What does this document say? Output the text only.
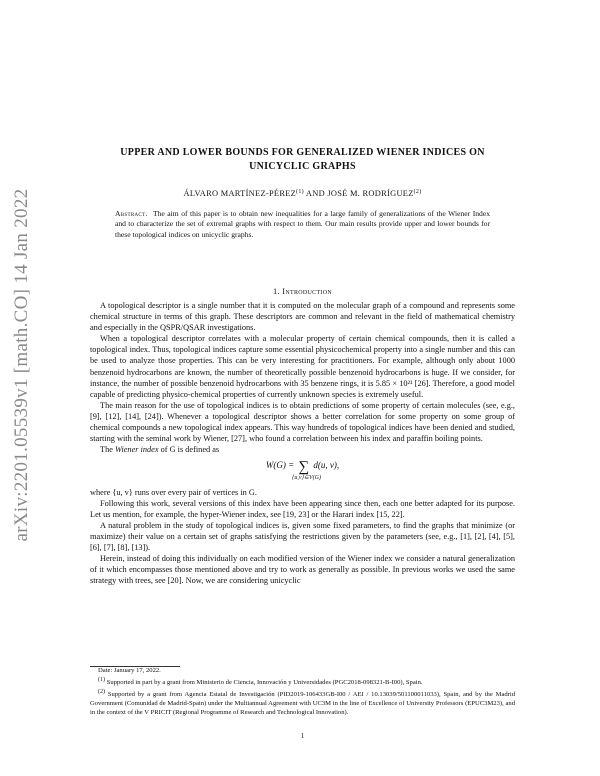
arXiv:2201.05539v1 [math.CO] 14 Jan 2022
UPPER AND LOWER BOUNDS FOR GENERALIZED WIENER INDICES ON
UNICYCLIC GRAPHS
ÁLVARO MARTÍNEZ-PÉREZ$^{(1)}$ AND JOSÉ M. RODRÍGUEZ$^{(2)}$
Abstract. The aim of this paper is to obtain new inequalities for a large family of generalizations of the Wiener Index and to characterize the set of extremal graphs with respect to them. Our main results provide upper and lower bounds for these topological indices on unicyclic graphs.
1. Introduction

A topological descriptor is a single number that it is computed on the molecular graph of a compound and represents some chemical structure in terms of this graph. These descriptors are common and relevant in the field of mathematical chemistry and especially in the QSPR/QSAR investigations.

When a topological descriptor correlates with a molecular property of certain chemical compounds, then it is called a topological index. Thus, topological indices capture some essential physicochemical property into a single number and this can be used to analyze those properties. This can be very interesting for practitioners. For example, although only about 1000 benzenoid hydrocarbons are known, the number of theoretically possible benzenoid hydrocarbons is huge. If we consider, for instance, the number of possible benzenoid hydrocarbons with 35 benzene rings, it is 5.85 × 10²¹ [26]. Therefore, a good model capable of predicting physico-chemical properties of currently unknown species is extremely useful.

The main reason for the use of topological indices is to obtain predictions of some property of certain molecules (see, e.g., [9], [12], [14], [24]). Whenever a topological descriptor shows a better correlation for some property on some group of chemical compounds a new topological index appears. This way hundreds of topological indices have been denied and studied, starting with the seminal work by Wiener, [27], who found a correlation between his index and paraffin boiling points.

The Wiener index of G is defined as

W(G) = ∑ d(u, v),
{u,v}⊆V(G)

where {u, v} runs over every pair of vertices in G.

Following this work, several versions of this index have been appearing since then, each one better adapted for its purpose. Let us mention, for example, the hyper-Wiener index, see [19, 23] or the Harari index [15, 22].

A natural problem in the study of topological indices is, given some fixed parameters, to find the graphs that minimize (or maximize) their value on a certain set of graphs satisfying the restrictions given by the parameters (see, e.g., [1], [2], [4], [5], [6], [7], [8], [13]).

Herein, instead of doing this individually on each modified version of the Wiener index we consider a natural generalization of it which encompasses those mentioned above and try to work as generally as possible. In previous works we used the same strategy with trees, see [20]. Now, we are considering unicyclic

Date: January 17, 2022.
$^{(1)}$ Supported in part by a grant from Ministerio de Ciencia, Innovación y Universidades (PGC2018-098321-B-I00), Spain.
$^{(2)}$ Supported by a grant from Agencia Estatal de Investigación (PID2019-106433GB-I00 / AEI / 10.13039/501100011033), Spain, and by the Madrid Government (Comunidad de Madrid-Spain) under the Multiannual Agreement with UC3M in the line of Excellence of University Professors (EPUC3M23), and in the context of the V PRICIT (Regional Programme of Research and Technological Innovation).
1
